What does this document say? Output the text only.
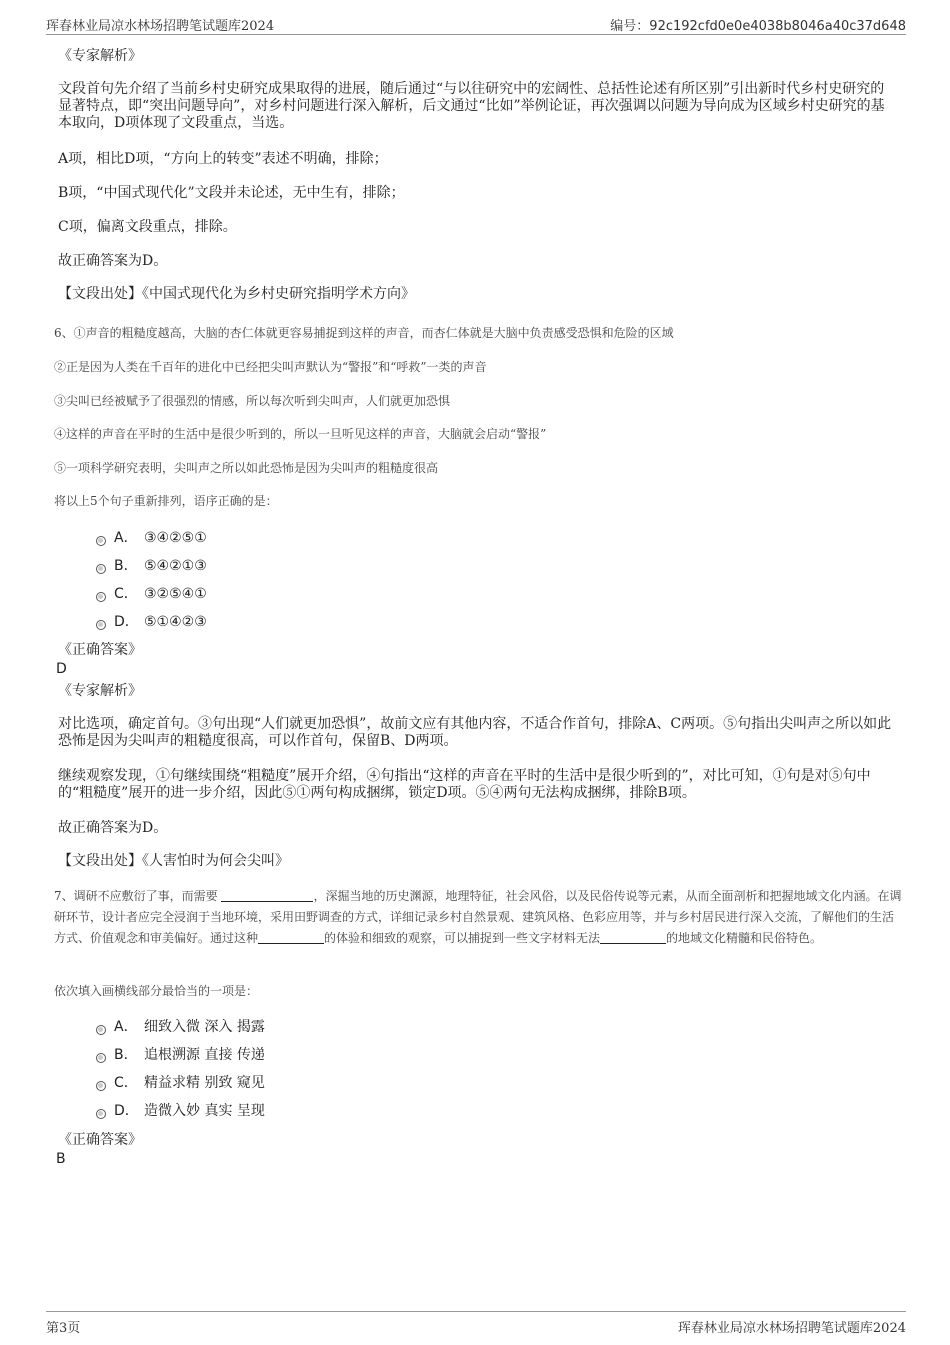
珲春林业局凉水林场招聘笔试题库2024	编号：92c192cfd0e0e4038b8046a40c37d648
《专家解析》
文段首句先介绍了当前乡村史研究成果取得的进展，随后通过“与以往研究中的宏阔性、总括性论述有所区别”引出新时代乡村史研究的显著特点，即“突出问题导向”，对乡村问题进行深入解析，后文通过“比如”举例论证，再次强调以问题为导向成为区域乡村史研究的基本取向，D项体现了文段重点，当选。
A项，相比D项，“方向上的转变”表述不明确，排除；
B项，“中国式现代化”文段并未论述，无中生有，排除；
C项，偏离文段重点，排除。
故正确答案为D。
【文段出处】《中国式现代化为乡村史研究指明学术方向》
6、①声音的粗糙度越高，大脑的杏仁体就更容易捕捉到这样的声音，而杏仁体就是大脑中负责感受恐惧和危险的区域
②正是因为人类在千百年的进化中已经把尖叫声默认为“警报”和“呼救”一类的声音
③尖叫已经被赋予了很强烈的情感，所以每次听到尖叫声，人们就更加恐惧
④这样的声音在平时的生活中是很少听到的，所以一旦听见这样的声音，大脑就会启动“警报”
⑤一项科学研究表明，尖叫声之所以如此恐怖是因为尖叫声的粗糙度很高
将以上5个句子重新排列，语序正确的是：
A． ③④②⑤①
B． ⑤④②①③
C． ③②⑤④①
D． ⑤①④②③
《正确答案》
D
《专家解析》
对比选项，确定首句。③句出现“人们就更加恐惧”，故前文应有其他内容，不适合作首句，排除A、C两项。⑤句指出尖叫声之所以如此恐怖是因为尖叫声的粗糙度很高，可以作首句，保留B、D两项。
继续观察发现，①句继续围绕“粗糙度”展开介绍，④句指出“这样的声音在平时的生活中是很少听到的”，对比可知，①句是对⑤句中的“粗糙度”展开的进一步介绍，因此⑤①两句构成捆绑，锁定D项。⑤④两句无法构成捆绑，排除B项。
故正确答案为D。
【文段出处】《人害怕时为何会尖叫》
7、调研不应敷衍了事，而需要	，深掘当地的历史渊源，地理特征，社会风俗，以及民俗传说等元素，从而全面剖析和把握地域文化内涵。在调研环节，设计者应完全浸润于当地环境，采用田野调查的方式，详细记录乡村自然景观、建筑风格、色彩应用等，并与乡村居民进行深入交流，了解他们的生活方式、价值观念和审美偏好。通过这种	的体验和细致的观察，可以捕捉到一些文字材料无法	的地域文化精髓和民俗特色。
依次填入画横线部分最恰当的一项是：
A． 细致入微 深入 揭露
B． 追根溯源 直接 传递
C． 精益求精 别致 窥见
D． 造微入妙 真实 呈现
《正确答案》
B
第3页	珲春林业局凉水林场招聘笔试题库2024
